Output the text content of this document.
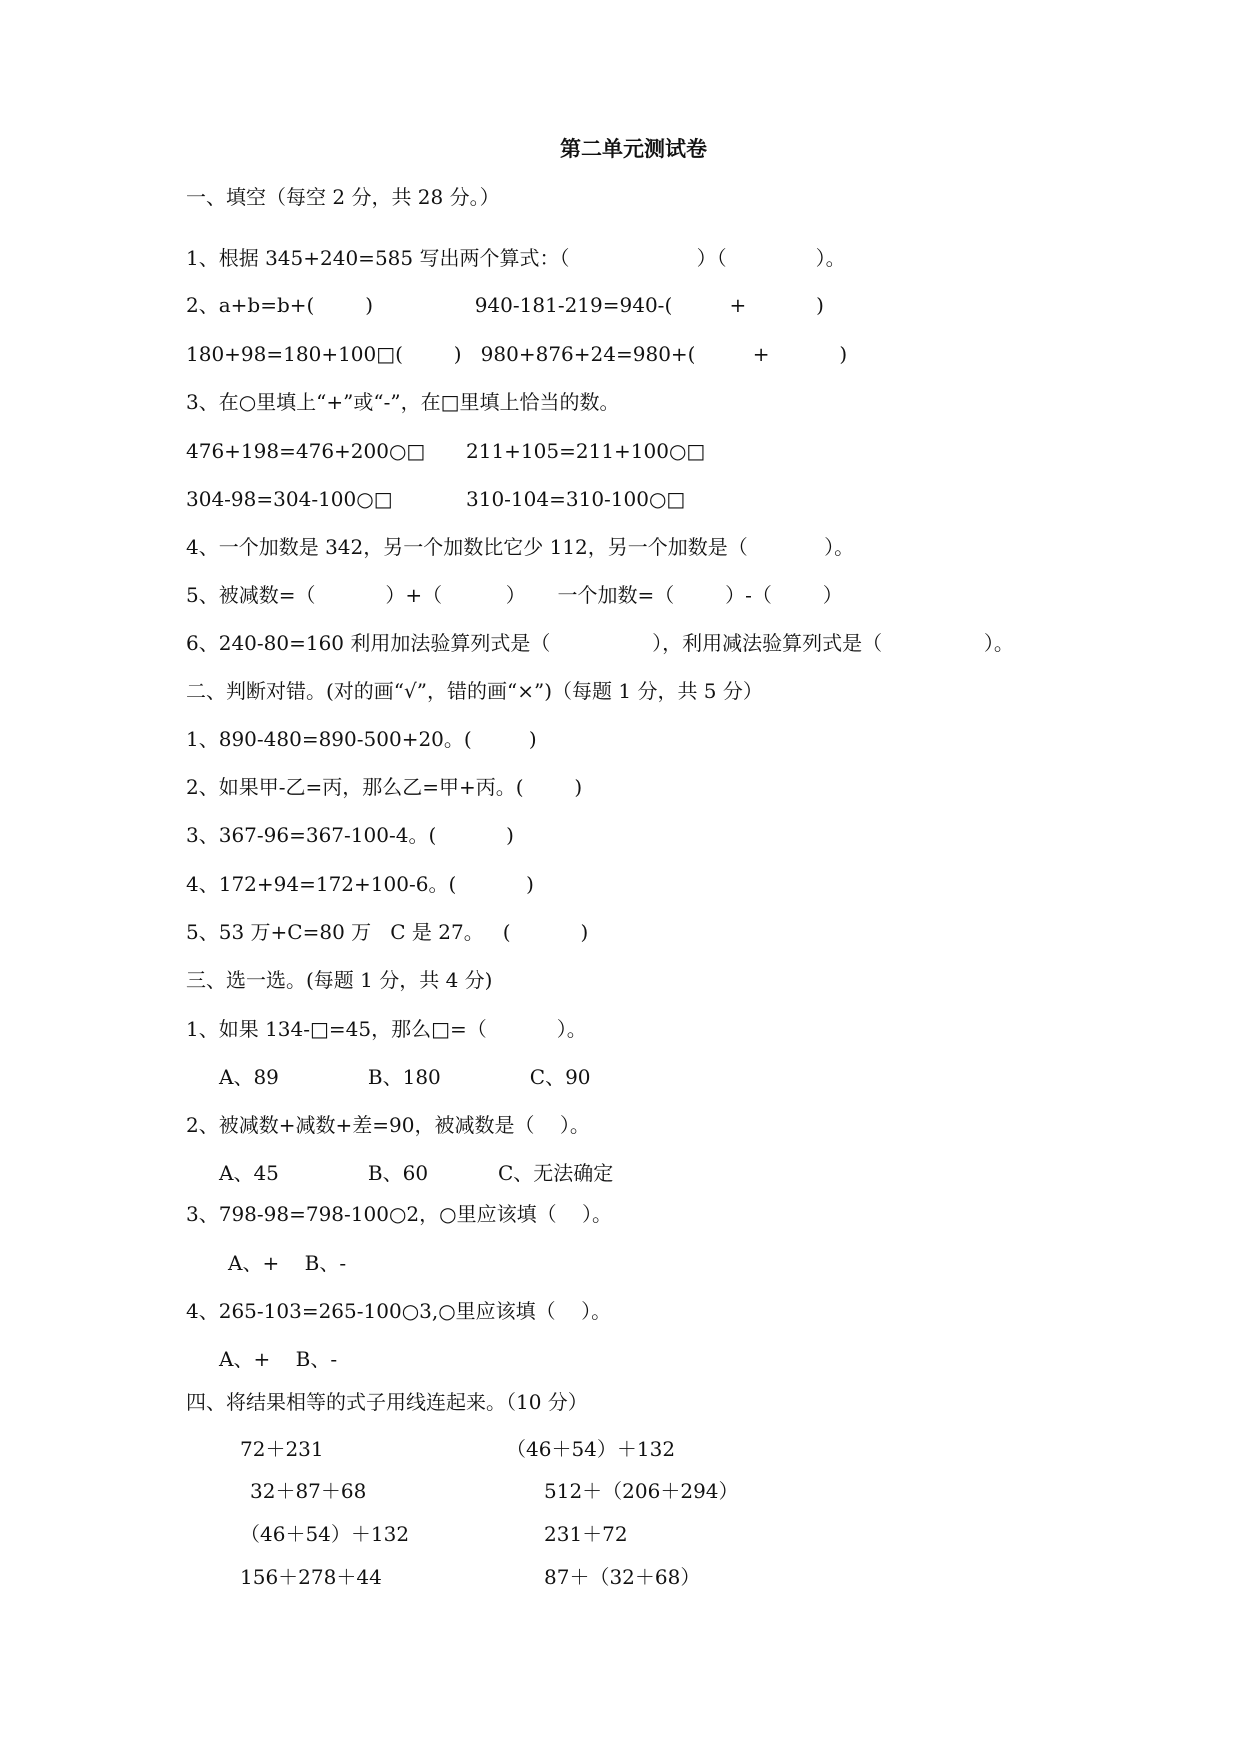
第二单元测试卷
一、填空（每空 2 分，共 28 分。）
1、根据 345+240=585 写出两个算式：（                    ）（              ）。
2、a+b=b+(        )                940-181-219=940-(         +           )
180+98=180+100□(        )   980+876+24=980+(         +           )
3、在○里填上“+”或“-”，在□里填上恰当的数。
476+198=476+200○□ 211+105=211+100○□
304-98=304-100○□	310-104=310-100○□
4、一个加数是 342，另一个加数比它少 112，另一个加数是（            ）。
5、被减数=（           ）+（          ）     一个加数=（        ）-（        ）
6、240-80=160 利用加法验算列式是（                ），利用减法验算列式是（                ）。
二、判断对错。(对的画“√”，错的画“×”)（每题 1 分，共 5 分）
1、890-480=890-500+20。(         )
2、如果甲-乙=丙，那么乙=甲+丙。(        )
3、367-96=367-100-4。(           )
4、172+94=172+100-6。(           )
5、53 万+C=80 万   C 是 27。   (           )
三、选一选。(每题 1 分，共 4 分)
1、如果 134-□=45，那么□=（           ）。
A、89              B、180              C、90
2、被减数+减数+差=90，被减数是（    ）。
A、45              B、60           C、无法确定
3、798-98=798-100○2，○里应该填（    ）。
A、+    B、-
4、265-103=265-100○3,○里应该填（    ）。
A、+    B、-
四、将结果相等的式子用线连起来。（10 分）
72＋231	（46＋54）＋132
32＋87＋68	512＋（206＋294）
（46＋54）＋132	231＋72
156＋278＋44	87＋（32＋68）
